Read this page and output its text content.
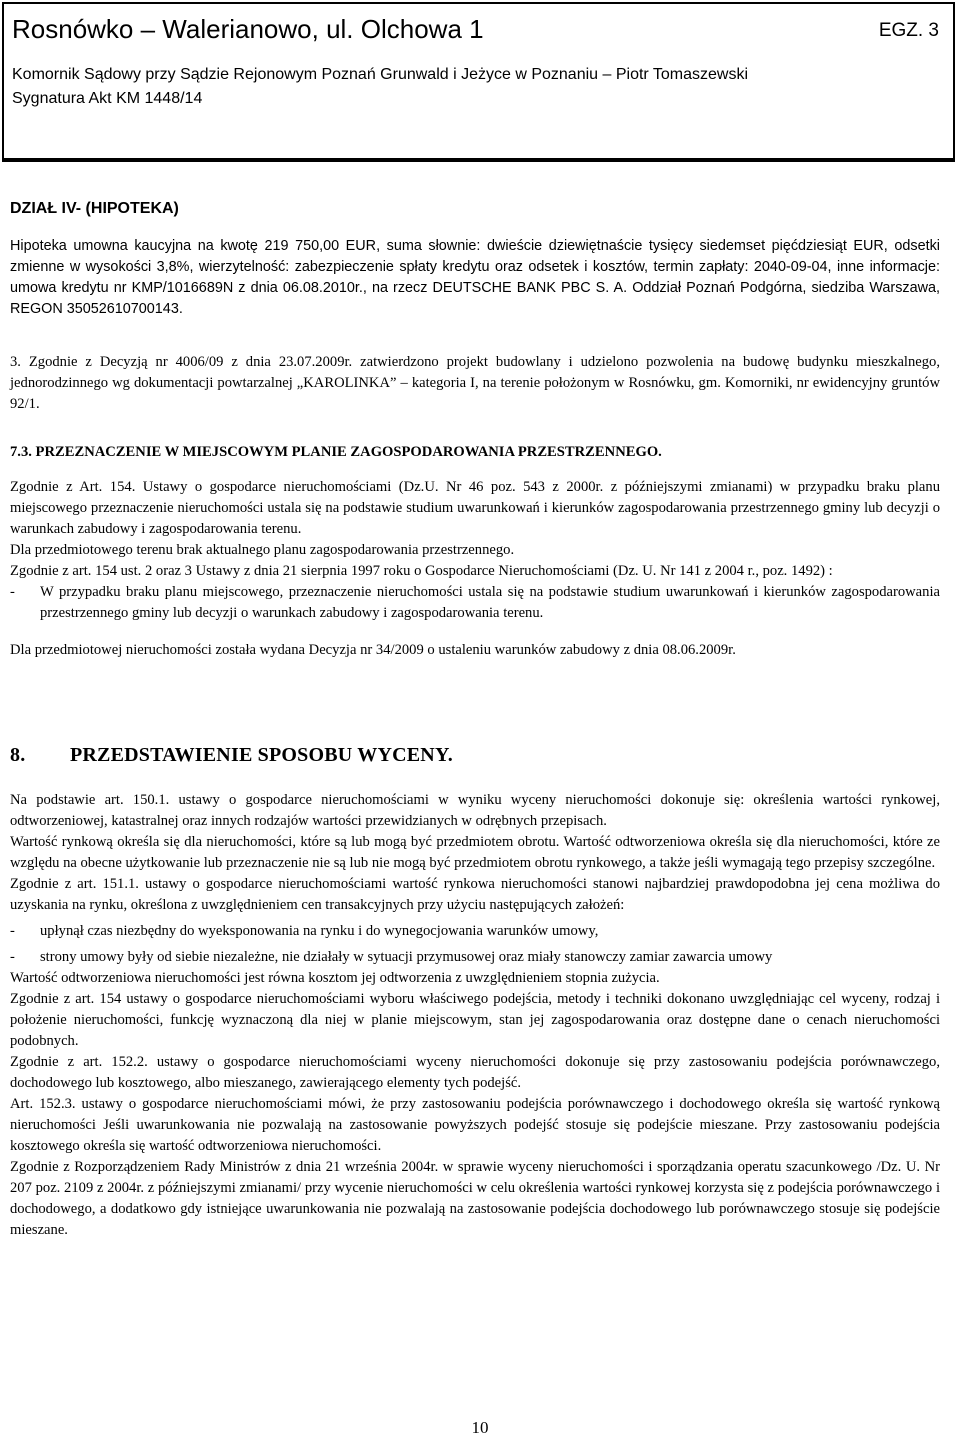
Rosnówko – Walerianowo, ul. Olchowa 1	EGZ. 3
Komornik Sądowy przy Sądzie Rejonowym Poznań Grunwald i Jeżyce w Poznaniu – Piotr Tomaszewski
Sygnatura Akt KM 1448/14
DZIAŁ IV- (HIPOTEKA)
Hipoteka umowna kaucyjna na kwotę 219 750,00 EUR, suma słownie: dwieście dziewiętnaście tysięcy siedemset pięćdziesiąt EUR, odsetki zmienne w wysokości 3,8%, wierzytelność: zabezpieczenie spłaty kredytu oraz odsetek i kosztów, termin zapłaty: 2040-09-04, inne informacje: umowa kredytu nr KMP/1016689N z dnia 06.08.2010r., na rzecz DEUTSCHE BANK PBC S. A. Oddział Poznań Podgórna, siedziba Warszawa, REGON 35052610700143.
3. Zgodnie z Decyzją nr 4006/09 z dnia 23.07.2009r. zatwierdzono projekt budowlany i udzielono pozwolenia na budowę budynku mieszkalnego, jednorodzinnego wg dokumentacji powtarzalnej „KAROLINKA” – kategoria I, na terenie położonym w Rosnówku, gm. Komorniki, nr ewidencyjny gruntów 92/1.

7.3. PRZEZNACZENIE W MIEJSCOWYM PLANIE ZAGOSPODAROWANIA PRZESTRZENNEGO.

Zgodnie z Art. 154. Ustawy o gospodarce nieruchomościami (Dz.U. Nr 46 poz. 543 z 2000r. z późniejszymi zmianami) w przypadku braku planu miejscowego przeznaczenie nieruchomości ustala się na podstawie studium uwarunkowań i kierunków zagospodarowania przestrzennego gminy lub decyzji o warunkach zabudowy i zagospodarowania terenu.

Dla przedmiotowego terenu brak aktualnego planu zagospodarowania przestrzennego.

Zgodnie z art. 154 ust. 2 oraz 3 Ustawy z dnia 21 sierpnia 1997 roku o Gospodarce Nieruchomościami (Dz. U. Nr 141 z 2004 r., poz. 1492) :

-	W przypadku braku planu miejscowego, przeznaczenie nieruchomości ustala się na podstawie studium uwarunkowań i kierunków zagospodarowania przestrzennego gminy lub decyzji o warunkach zabudowy i zagospodarowania terenu.

Dla przedmiotowej nieruchomości została wydana Decyzja nr 34/2009 o ustaleniu warunków zabudowy z dnia 08.06.2009r.

8. PRZEDSTAWIENIE SPOSOBU WYCENY.

Na podstawie art. 150.1. ustawy o gospodarce nieruchomościami w wyniku wyceny nieruchomości dokonuje się: określenia wartości rynkowej, odtworzeniowej, katastralnej oraz innych rodzajów wartości przewidzianych w odrębnych przepisach.

Wartość rynkową określa się dla nieruchomości, które są lub mogą być przedmiotem obrotu. Wartość odtworzeniowa określa się dla nieruchomości, które ze względu na obecne użytkowanie lub przeznaczenie nie są lub nie mogą być przedmiotem obrotu rynkowego, a także jeśli wymagają tego przepisy szczególne.

Zgodnie z art. 151.1. ustawy o gospodarce nieruchomościami wartość rynkowa nieruchomości stanowi najbardziej prawdopodobna jej cena możliwa do uzyskania na rynku, określona z uwzględnieniem cen transakcyjnych przy użyciu następujących założeń:

-	upłynął czas niezbędny do wyeksponowania na rynku i do wynegocjowania warunków umowy,
-	strony umowy były od siebie niezależne, nie działały w sytuacji przymusowej oraz miały stanowczy zamiar zawarcia umowy

Wartość odtworzeniowa nieruchomości jest równa kosztom jej odtworzenia z uwzględnieniem stopnia zużycia.

Zgodnie z art. 154 ustawy o gospodarce nieruchomościami wyboru właściwego podejścia, metody i techniki dokonano uwzględniając cel wyceny, rodzaj i położenie nieruchomości, funkcję wyznaczoną dla niej w planie miejscowym, stan jej zagospodarowania oraz dostępne dane o cenach nieruchomości podobnych.

Zgodnie z art. 152.2. ustawy o gospodarce nieruchomościami wyceny nieruchomości dokonuje się przy zastosowaniu podejścia porównawczego, dochodowego lub kosztowego, albo mieszanego, zawierającego elementy tych podejść.

Art. 152.3. ustawy o gospodarce nieruchomościami mówi, że przy zastosowaniu podejścia porównawczego i dochodowego określa się wartość rynkową nieruchomości Jeśli uwarunkowania nie pozwalają na zastosowanie powyższych podejść stosuje się podejście mieszane. Przy zastosowaniu podejścia kosztowego określa się wartość odtworzeniowa nieruchomości.

Zgodnie z Rozporządzeniem Rady Ministrów z dnia 21 września 2004r. w sprawie wyceny nieruchomości i sporządzania operatu szacunkowego /Dz. U. Nr 207 poz. 2109 z 2004r. z późniejszymi zmianami/ przy wycenie nieruchomości w celu określenia wartości rynkowej korzysta się z podejścia porównawczego i dochodowego, a dodatkowo gdy istniejące uwarunkowania nie pozwalają na zastosowanie podejścia dochodowego lub porównawczego stosuje się podejście mieszane.

10
